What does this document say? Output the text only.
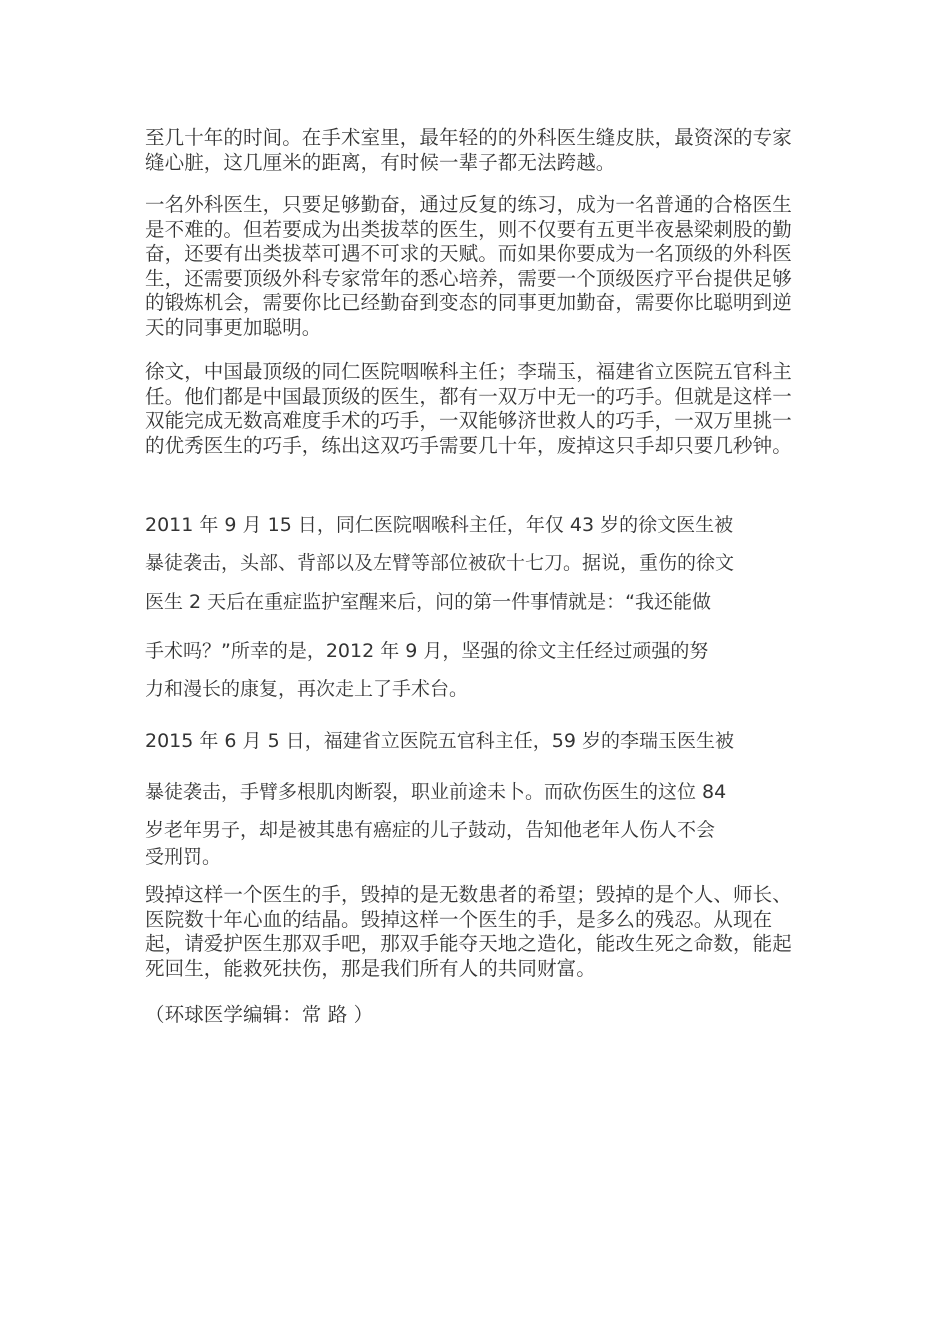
至几十年的时间。在手术室里，最年轻的的外科医生缝皮肤，最资深的专家缝心脏，这几厘米的距离，有时候一辈子都无法跨越。

一名外科医生，只要足够勤奋，通过反复的练习，成为一名普通的合格医生是不难的。但若要成为出类拔萃的医生，则不仅要有五更半夜悬梁刺股的勤奋，还要有出类拔萃可遇不可求的天赋。而如果你要成为一名顶级的外科医生，还需要顶级外科专家常年的悉心培养，需要一个顶级医疗平台提供足够的锻炼机会，需要你比已经勤奋到变态的同事更加勤奋，需要你比聪明到逆天的同事更加聪明。

徐文，中国最顶级的同仁医院咽喉科主任；李瑞玉，福建省立医院五官科主任。他们都是中国最顶级的医生，都有一双万中无一的巧手。但就是这样一双能完成无数高难度手术的巧手，一双能够济世救人的巧手，一双万里挑一的优秀医生的巧手，练出这双巧手需要几十年，废掉这只手却只要几秒钟。

2011 年 9 月 15 日，同仁医院咽喉科主任，年仅 43 岁的徐文医生被
暴徒袭击，头部、背部以及左臂等部位被砍十七刀。据说，重伤的徐文
医生 2 天后在重症监护室醒来后，问的第一件事情就是：“我还能做
手术吗？”所幸的是，2012 年 9 月，坚强的徐文主任经过顽强的努
力和漫长的康复，再次走上了手术台。
2015 年 6 月 5 日，福建省立医院五官科主任，59 岁的李瑞玉医生被
暴徒袭击，手臂多根肌肉断裂，职业前途未卜。而砍伤医生的这位 84
岁老年男子，却是被其患有癌症的儿子鼓动，告知他老年人伤人不会
受刑罚。

毁掉这样一个医生的手，毁掉的是无数患者的希望；毁掉的是个人、师长、医院数十年心血的结晶。毁掉这样一个医生的手，是多么的残忍。从现在起，请爱护医生那双手吧，那双手能夺天地之造化，能改生死之命数，能起死回生，能救死扶伤，那是我们所有人的共同财富。

（环球医学编辑：常 路 ）
